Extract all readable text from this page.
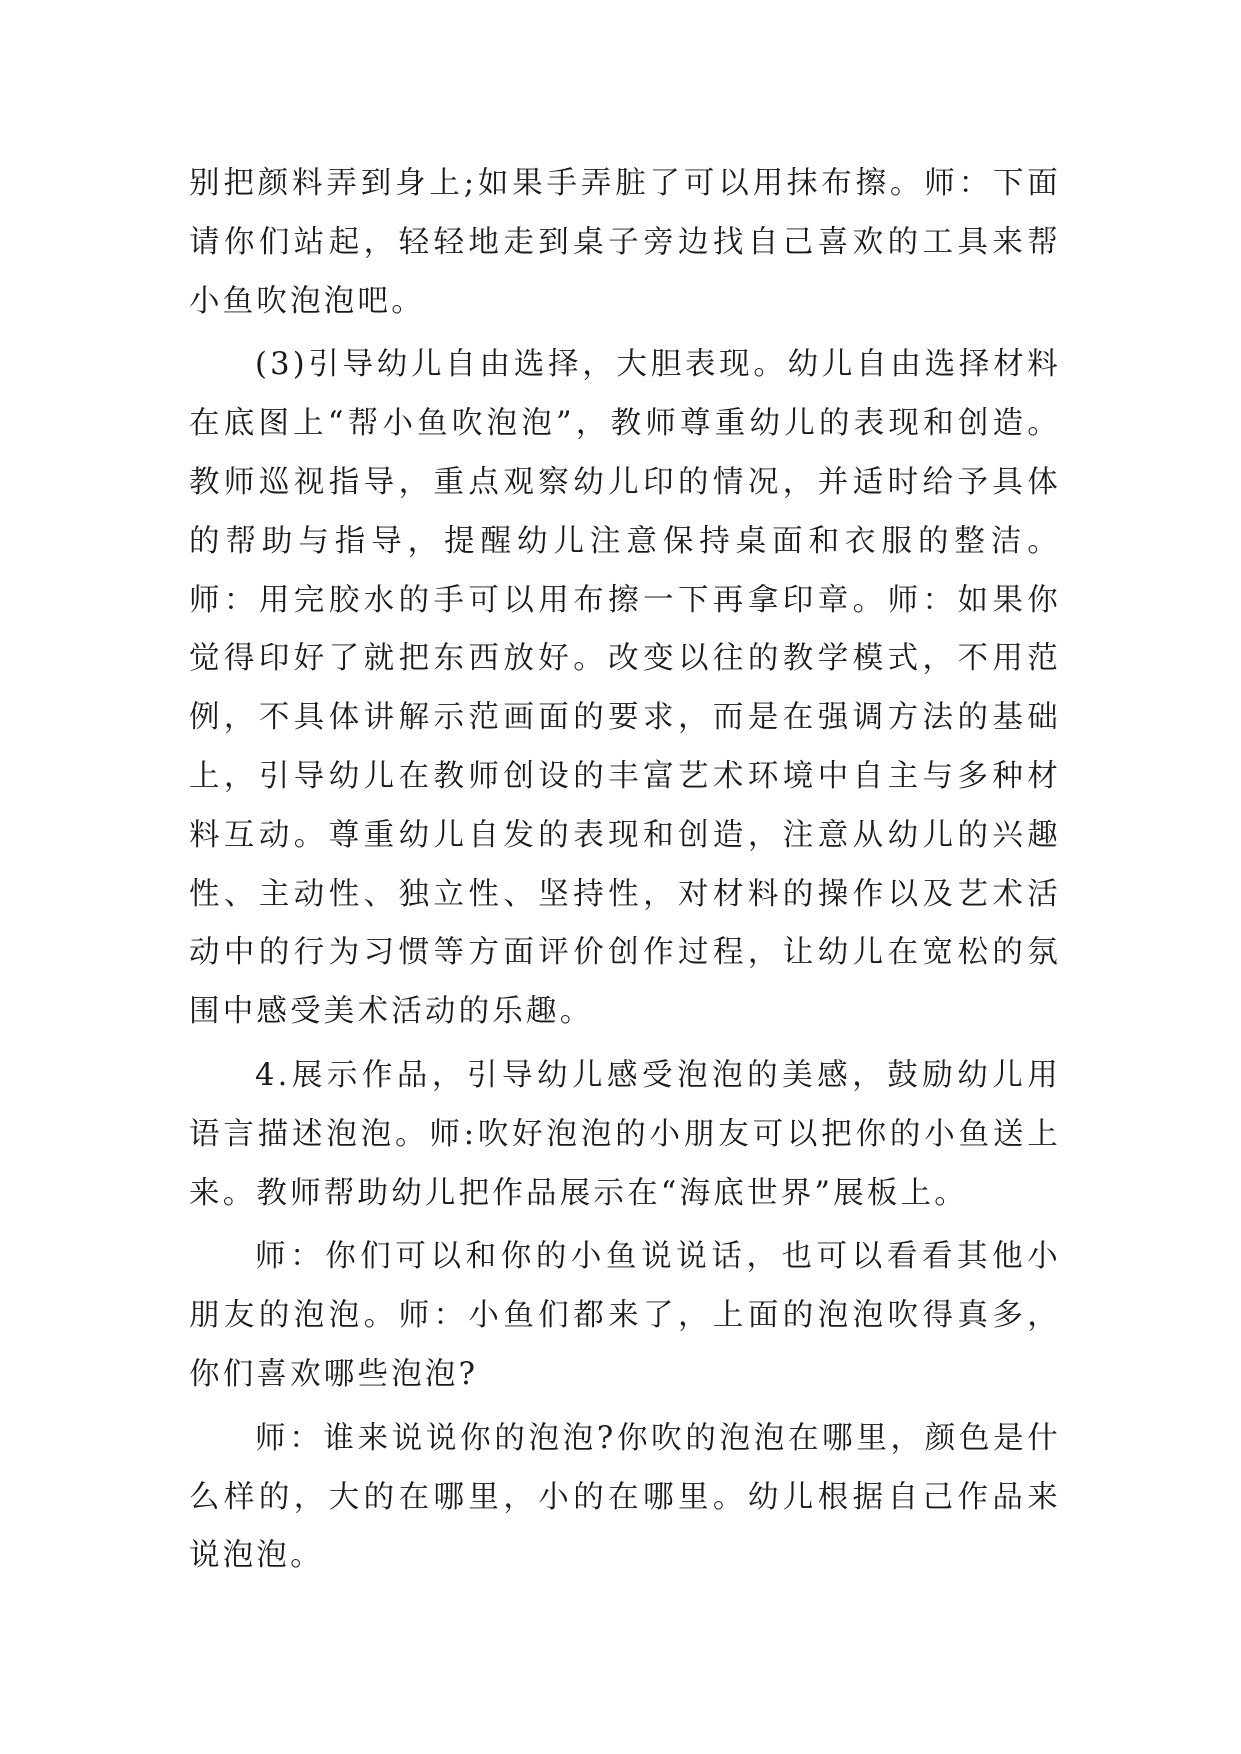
别把颜料弄到身上;如果手弄脏了可以用抹布擦。师：下面请你们站起，轻轻地走到桌子旁边找自己喜欢的工具来帮小鱼吹泡泡吧。

(3)引导幼儿自由选择，大胆表现。幼儿自由选择材料在底图上“帮小鱼吹泡泡”，教师尊重幼儿的表现和创造。教师巡视指导，重点观察幼儿印的情况，并适时给予具体的帮助与指导，提醒幼儿注意保持桌面和衣服的整洁。师：用完胶水的手可以用布擦一下再拿印章。师：如果你觉得印好了就把东西放好。改变以往的教学模式，不用范例，不具体讲解示范画面的要求，而是在强调方法的基础上，引导幼儿在教师创设的丰富艺术环境中自主与多种材料互动。尊重幼儿自发的表现和创造，注意从幼儿的兴趣性、主动性、独立性、坚持性，对材料的操作以及艺术活动中的行为习惯等方面评价创作过程，让幼儿在宽松的氛围中感受美术活动的乐趣。

4.展示作品，引导幼儿感受泡泡的美感，鼓励幼儿用语言描述泡泡。师:吹好泡泡的小朋友可以把你的小鱼送上来。教师帮助幼儿把作品展示在“海底世界”展板上。

师：你们可以和你的小鱼说说话，也可以看看其他小朋友的泡泡。师：小鱼们都来了，上面的泡泡吹得真多，你们喜欢哪些泡泡?

师：谁来说说你的泡泡?你吹的泡泡在哪里，颜色是什么样的，大的在哪里，小的在哪里。幼儿根据自己作品来说泡泡。
